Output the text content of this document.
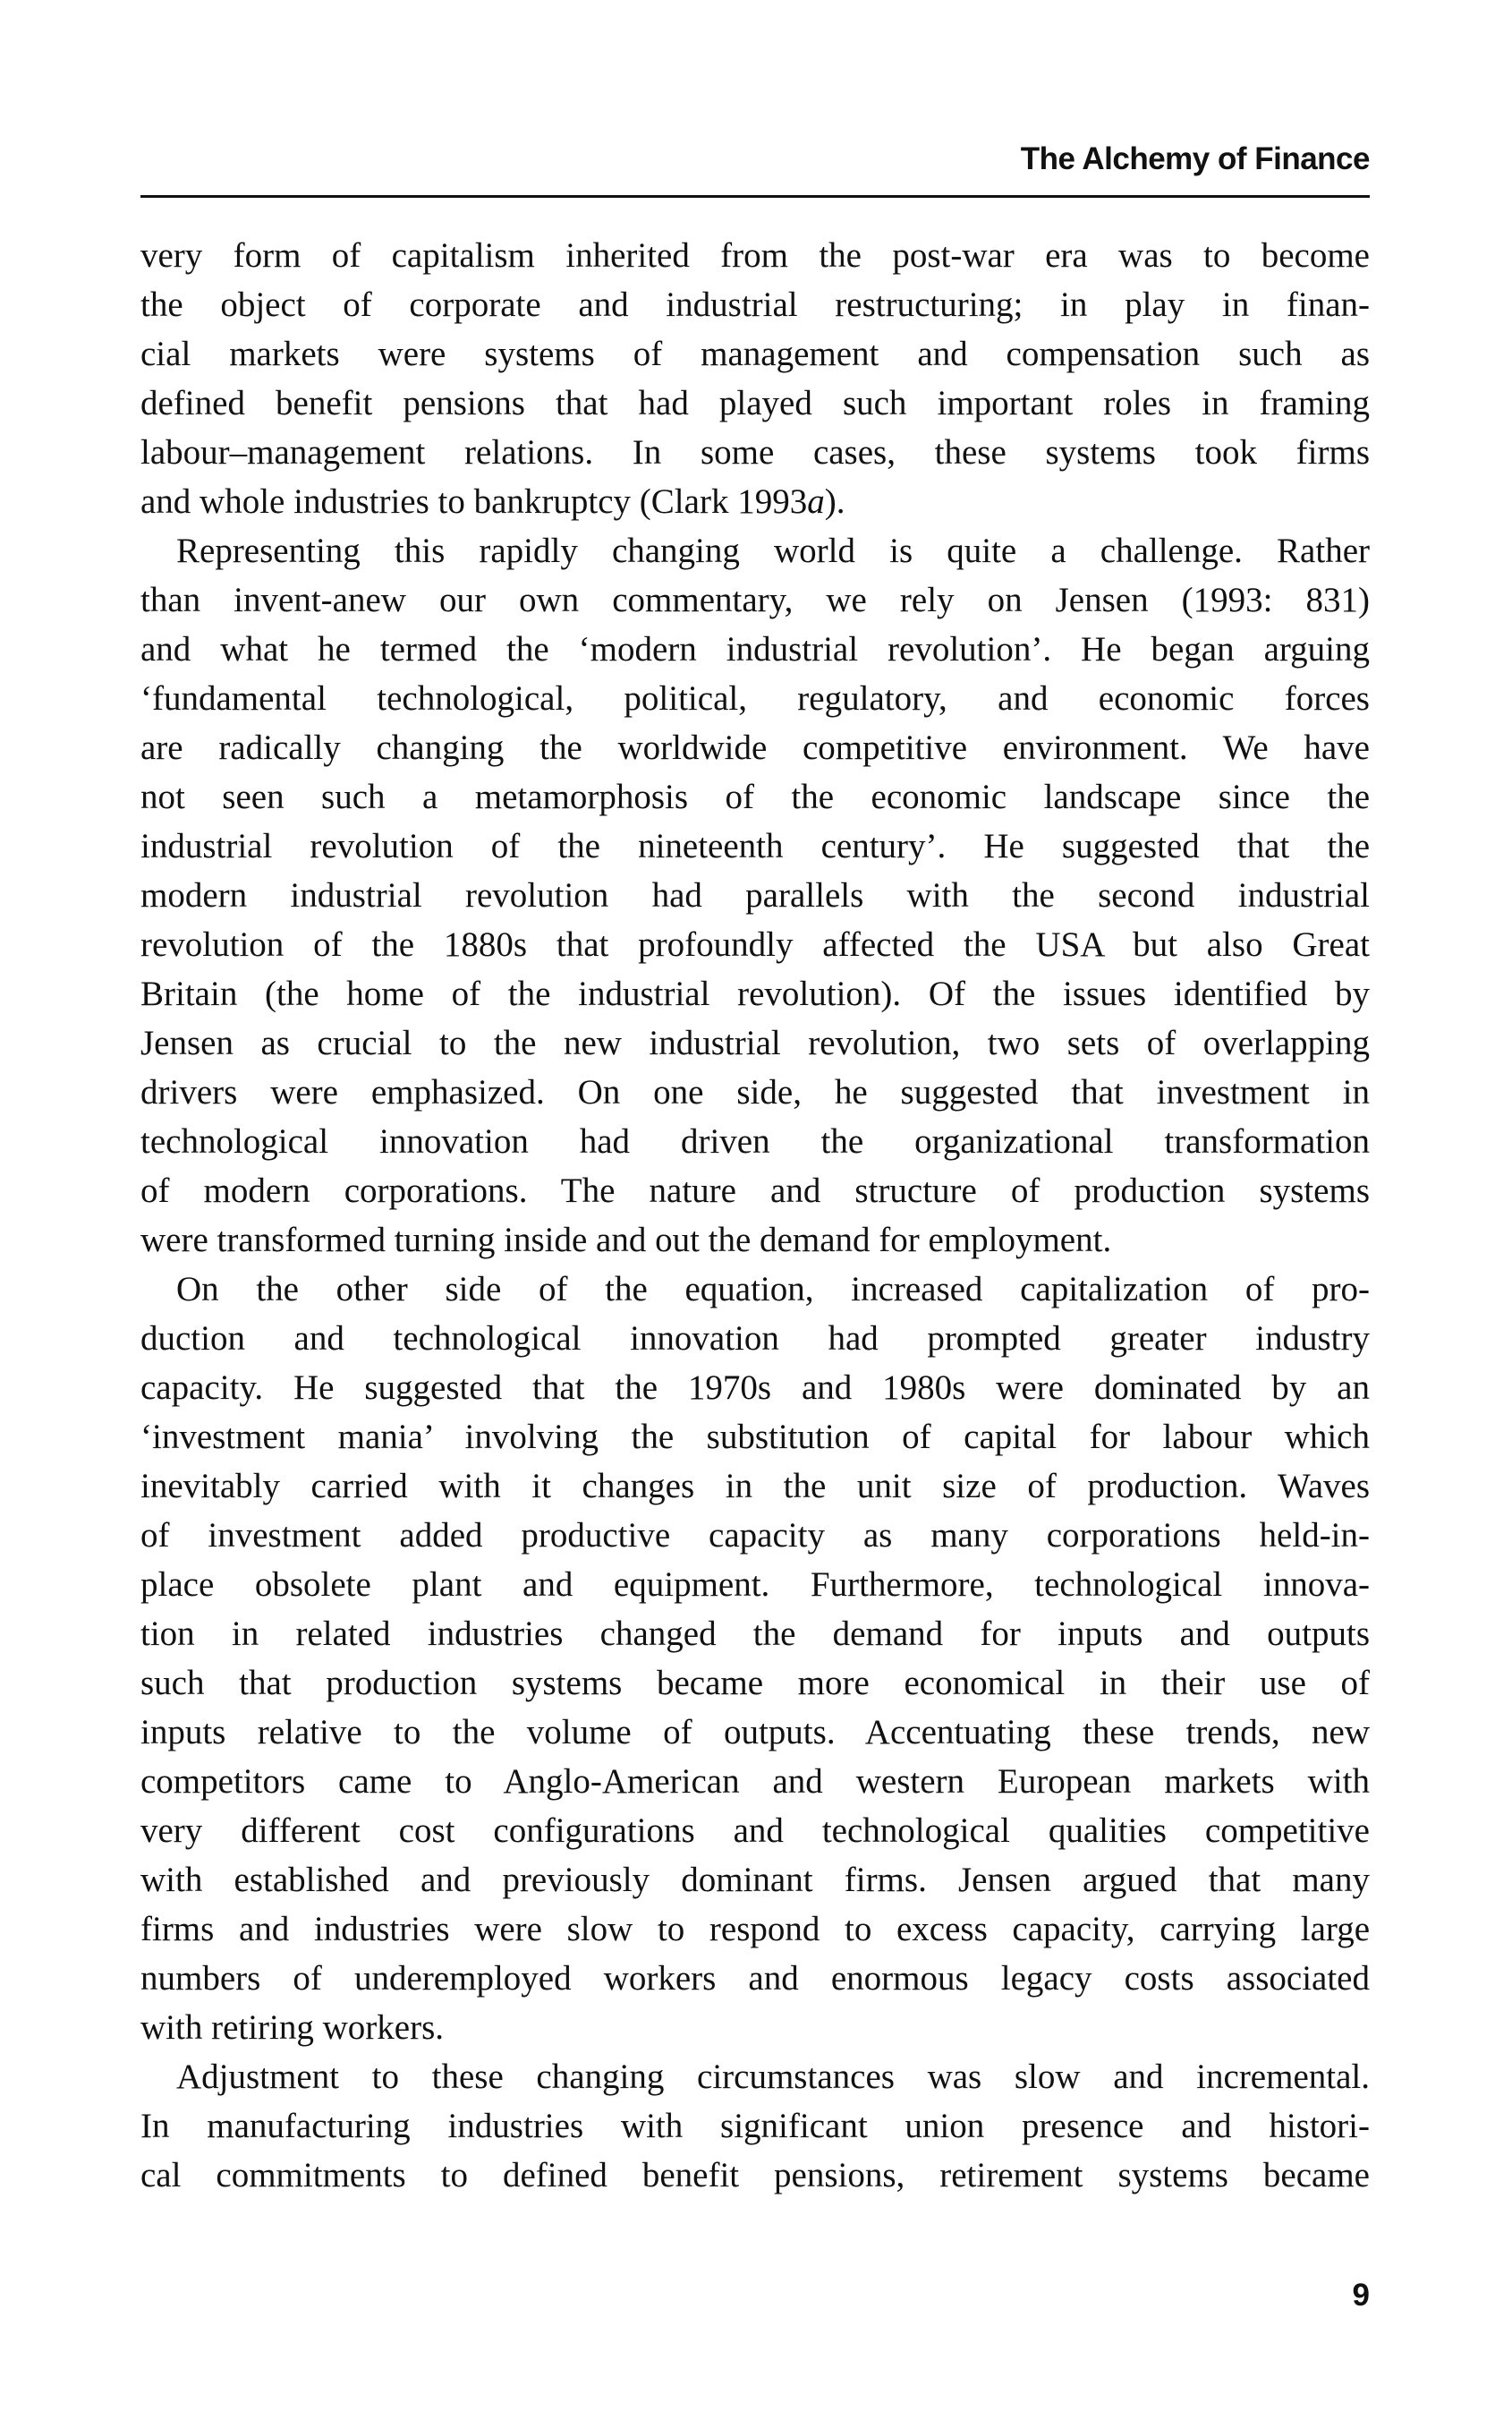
The Alchemy of Finance
very form of capitalism inherited from the post-war era was to become
the object of corporate and industrial restructuring; in play in finan-
cial markets were systems of management and compensation such as
defined benefit pensions that had played such important roles in framing
labour–management relations. In some cases, these systems took firms
and whole industries to bankruptcy (Clark 1993a).
Representing this rapidly changing world is quite a challenge. Rather
than invent-anew our own commentary, we rely on Jensen (1993: 831)
and what he termed the ‘modern industrial revolution’. He began arguing
‘fundamental technological, political, regulatory, and economic forces
are radically changing the worldwide competitive environment. We have
not seen such a metamorphosis of the economic landscape since the
industrial revolution of the nineteenth century’. He suggested that the
modern industrial revolution had parallels with the second industrial
revolution of the 1880s that profoundly affected the USA but also Great
Britain (the home of the industrial revolution). Of the issues identified by
Jensen as crucial to the new industrial revolution, two sets of overlapping
drivers were emphasized. On one side, he suggested that investment in
technological innovation had driven the organizational transformation
of modern corporations. The nature and structure of production systems
were transformed turning inside and out the demand for employment.
On the other side of the equation, increased capitalization of pro-
duction and technological innovation had prompted greater industry
capacity. He suggested that the 1970s and 1980s were dominated by an
‘investment mania’ involving the substitution of capital for labour which
inevitably carried with it changes in the unit size of production. Waves
of investment added productive capacity as many corporations held-in-
place obsolete plant and equipment. Furthermore, technological innova-
tion in related industries changed the demand for inputs and outputs
such that production systems became more economical in their use of
inputs relative to the volume of outputs. Accentuating these trends, new
competitors came to Anglo-American and western European markets with
very different cost configurations and technological qualities competitive
with established and previously dominant firms. Jensen argued that many
firms and industries were slow to respond to excess capacity, carrying large
numbers of underemployed workers and enormous legacy costs associated
with retiring workers.
Adjustment to these changing circumstances was slow and incremental.
In manufacturing industries with significant union presence and histori-
cal commitments to defined benefit pensions, retirement systems became
9
